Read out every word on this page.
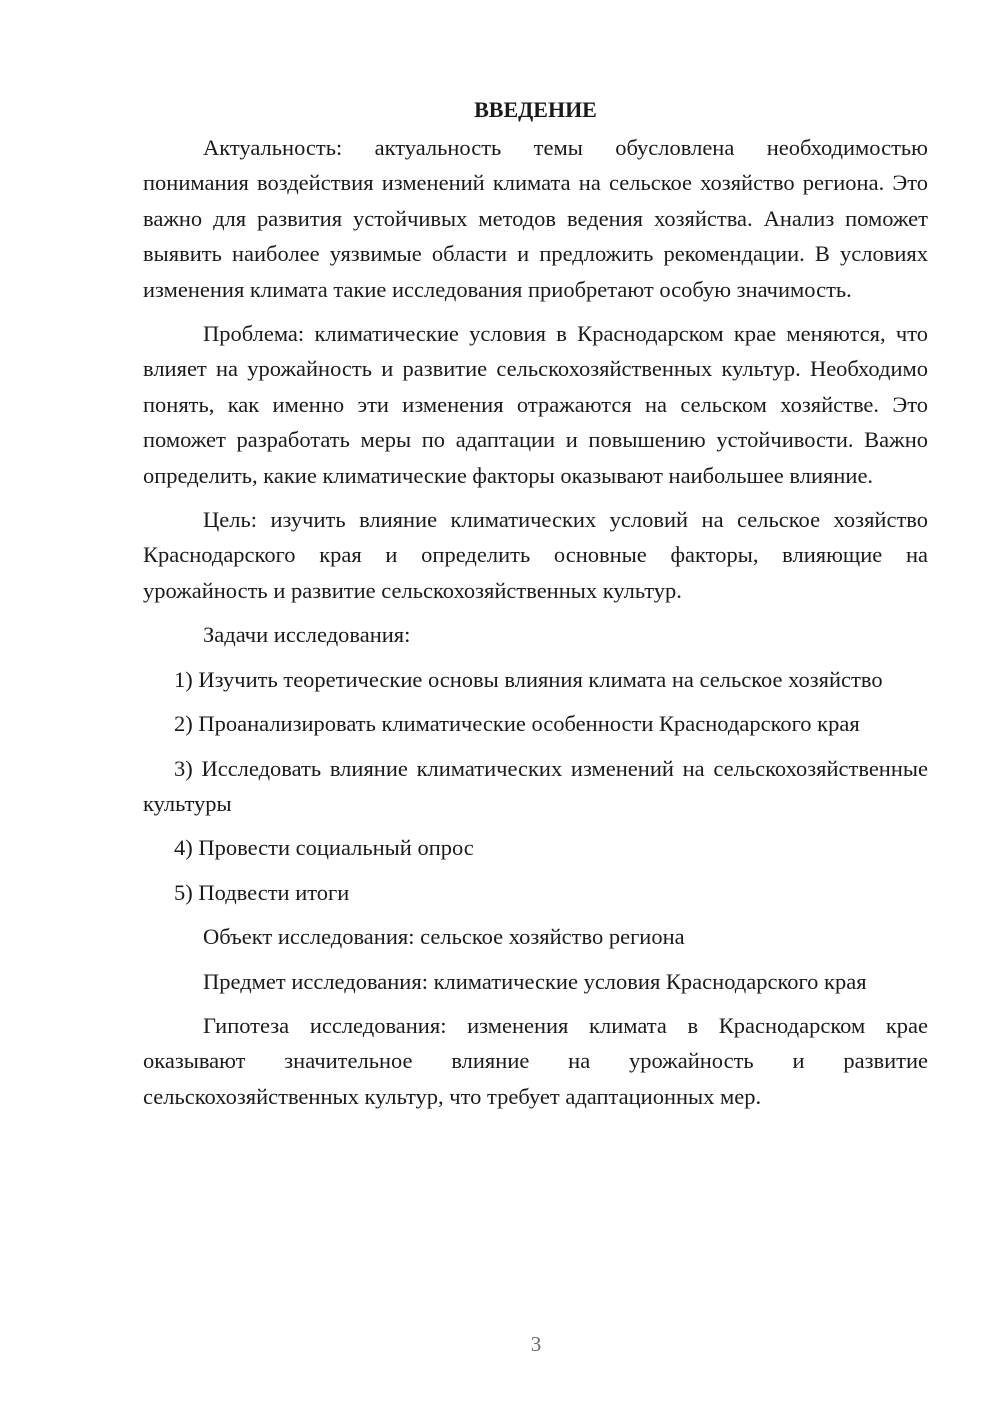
ВВЕДЕНИЕ

Актуальность: актуальность темы обусловлена необходимостью понимания воздействия изменений климата на сельское хозяйство региона. Это важно для развития устойчивых методов ведения хозяйства. Анализ поможет выявить наиболее уязвимые области и предложить рекомендации. В условиях изменения климата такие исследования приобретают особую значимость.

Проблема: климатические условия в Краснодарском крае меняются, что влияет на урожайность и развитие сельскохозяйственных культур. Необходимо понять, как именно эти изменения отражаются на сельском хозяйстве. Это поможет разработать меры по адаптации и повышению устойчивости. Важно определить, какие климатические факторы оказывают наибольшее влияние.

Цель: изучить влияние климатических условий на сельское хозяйство Краснодарского края и определить основные факторы, влияющие на урожайность и развитие сельскохозяйственных культур.

Задачи исследования:

1) Изучить теоретические основы влияния климата на сельское хозяйство

2) Проанализировать климатические особенности Краснодарского края

3) Исследовать влияние климатических изменений на сельскохозяйственные культуры

4) Провести социальный опрос

5) Подвести итоги

Объект исследования: сельское хозяйство региона

Предмет исследования: климатические условия Краснодарского края

Гипотеза исследования: изменения климата в Краснодарском крае оказывают значительное влияние на урожайность и развитие сельскохозяйственных культур, что требует адаптационных мер.

3
